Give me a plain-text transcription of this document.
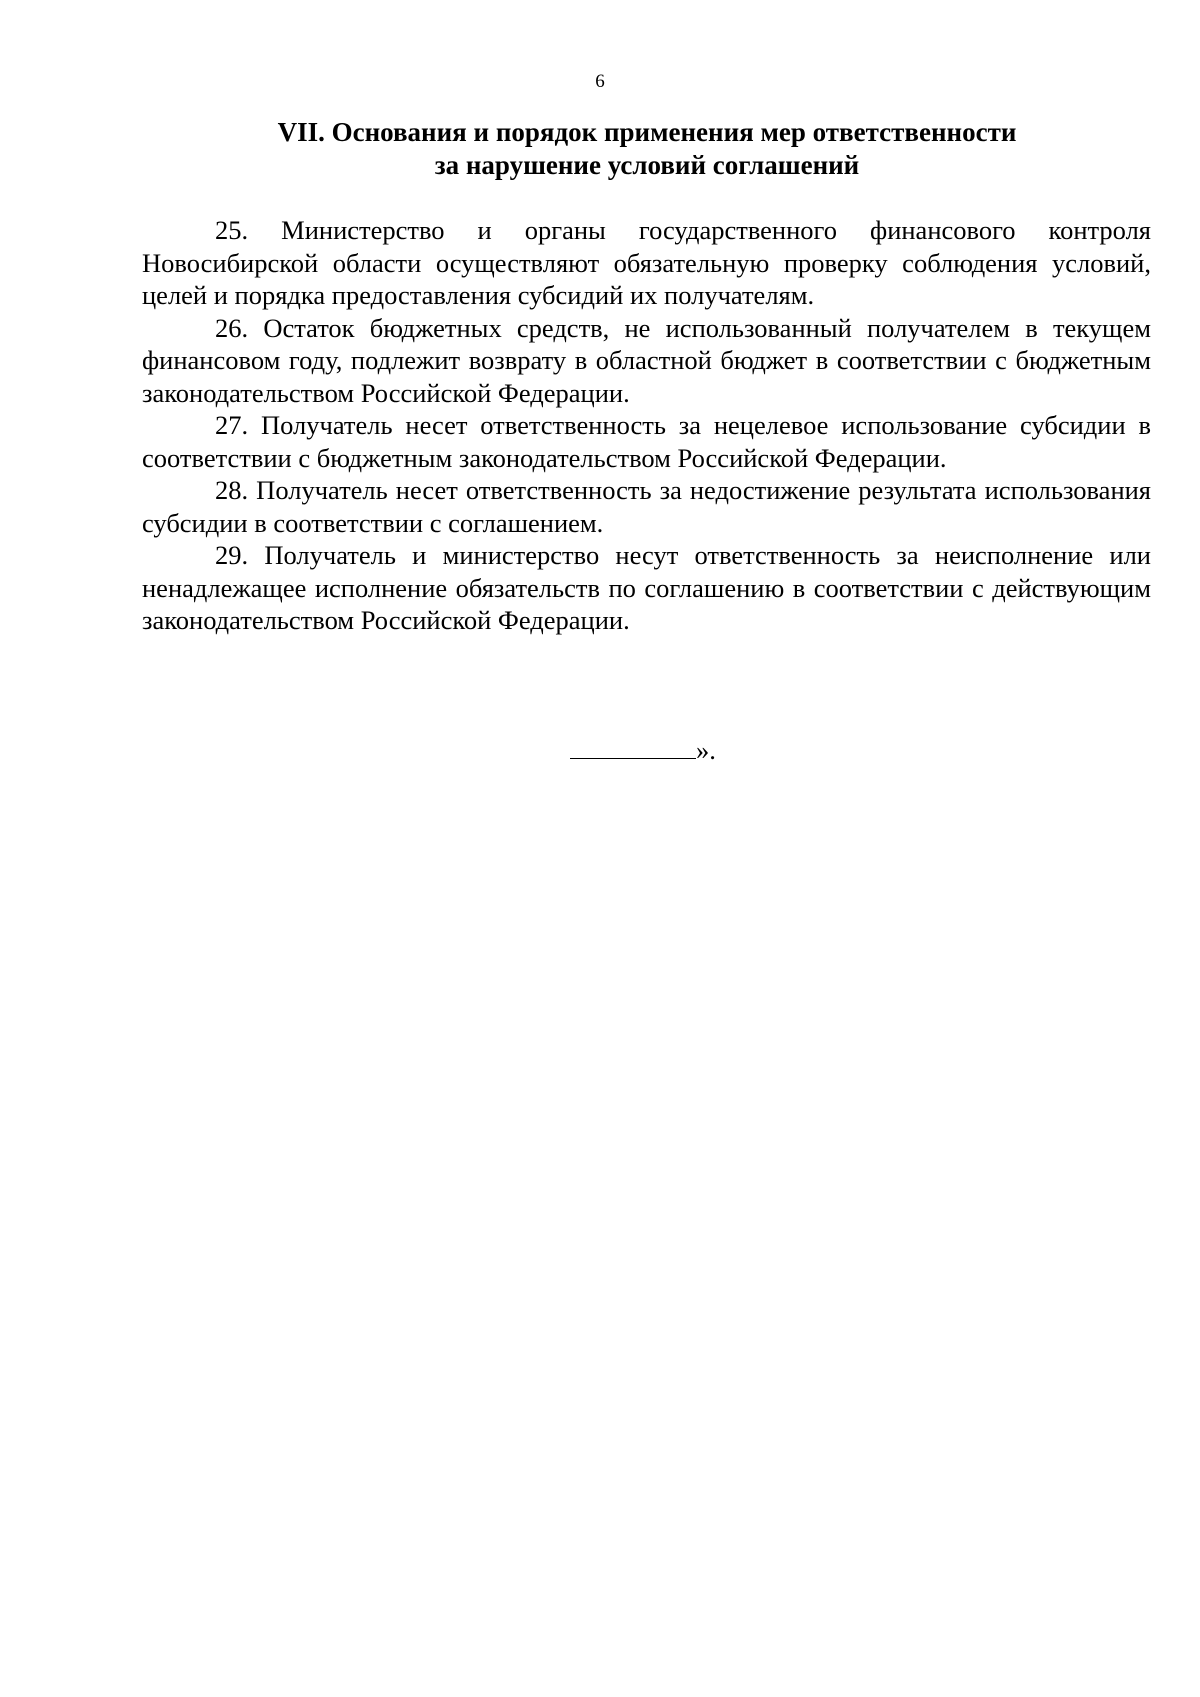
6
VII. Основания и порядок применения мер ответственности
за нарушение условий соглашений

25. Министерство и органы государственного финансового контроля Новосибирской области осуществляют обязательную проверку соблюдения условий, целей и порядка предоставления субсидий их получателям.

26. Остаток бюджетных средств, не использованный получателем в текущем финансовом году, подлежит возврату в областной бюджет в соответствии с бюджетным законодательством Российской Федерации.

27. Получатель несет ответственность за нецелевое использование субсидии в соответствии с бюджетным законодательством Российской Федерации.

28. Получатель несет ответственность за недостижение результата использования субсидии в соответствии с соглашением.

29. Получатель и министерство несут ответственность за неисполнение или ненадлежащее исполнение обязательств по соглашению в соответствии с действующим законодательством Российской Федерации.

».
